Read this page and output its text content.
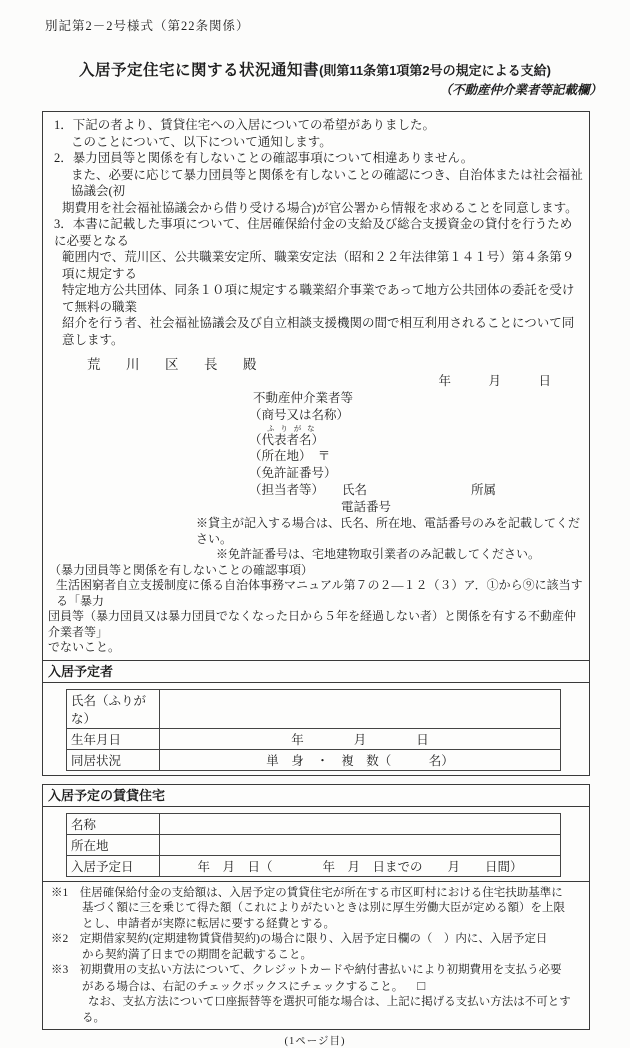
別記第2－2号様式（第22条関係）
入居予定住宅に関する状況通知書(則第11条第1項第2号の規定による支給)
（不動産仲介業者等記載欄）
1．下記の者より、賃貸住宅への入居についての希望がありました。
このことについて、以下について通知します。
2．暴力団員等と関係を有しないことの確認事項について相違ありません。
また、必要に応じて暴力団員等と関係を有しないことの確認につき、自治体または社会福祉協議会(初
期費用を社会福祉協議会から借り受ける場合)が官公署から情報を求めることを同意します。
3．本書に記載した事項について、住居確保給付金の支給及び総合支援資金の貸付を行うために必要となる
範囲内で、荒川区、公共職業安定所、職業安定法（昭和２２年法律第１４１号）第４条第９項に規定する
特定地方公共団体、同条１０項に規定する職業紹介事業であって地方公共団体の委託を受けて無料の職業
紹介を行う者、社会福祉協議会及び自立相談支援機関の間で相互利用されることについて同意します。
荒　川　区　長　殿
年　　　月　　　日
不動産仲介業者等
（商号又は名称）
ふ り が な
（代表者名）
（所在地）　〒
（免許証番号）
（担当者等） 氏名	所属
電話番号
※貸主が記入する場合は、氏名、所在地、電話番号のみを記載してください。
※免許証番号は、宅地建物取引業者のみ記載してください。
（暴力団員等と関係を有しないことの確認事項）
生活困窮者自立支援制度に係る自治体事務マニュアル第７の２―１２（３）ア．①から⑨に該当する「暴力
団員等（暴力団員又は暴力団員でなくなった日から５年を経過しない者）と関係を有する不動産仲介業者等」
でないこと。
入居予定者
氏名（ふりがな）	
生年月日	年　　　　月　　　　日
同居状況	単　身　・　複　数（　　　名）
入居予定の賃貸住宅
名称	
所在地	
入居予定日	年　月　日（　　　　年　月　日までの　　月　　日間）
※1　住居確保給付金の支給額は、入居予定の賃貸住宅が所在する市区町村における住宅扶助基準に
基づく額に三を乗じて得た額（これによりがたいときは別に厚生労働大臣が定める額）を上限
とし、申請者が実際に転居に要する経費とする。
※2　定期借家契約(定期建物賃貸借契約)の場合に限り、入居予定日欄の（　）内に、入居予定日
から契約満了日までの期間を記載すること。
※3　初期費用の支払い方法について、クレジットカードや納付書払いにより初期費用を支払う必要
がある場合は、右記のチェックボックスにチェックすること。 □
なお、支払方法について口座振替等を選択可能な場合は、上記に掲げる支払い方法は不可とす
る。
(1ページ目)
